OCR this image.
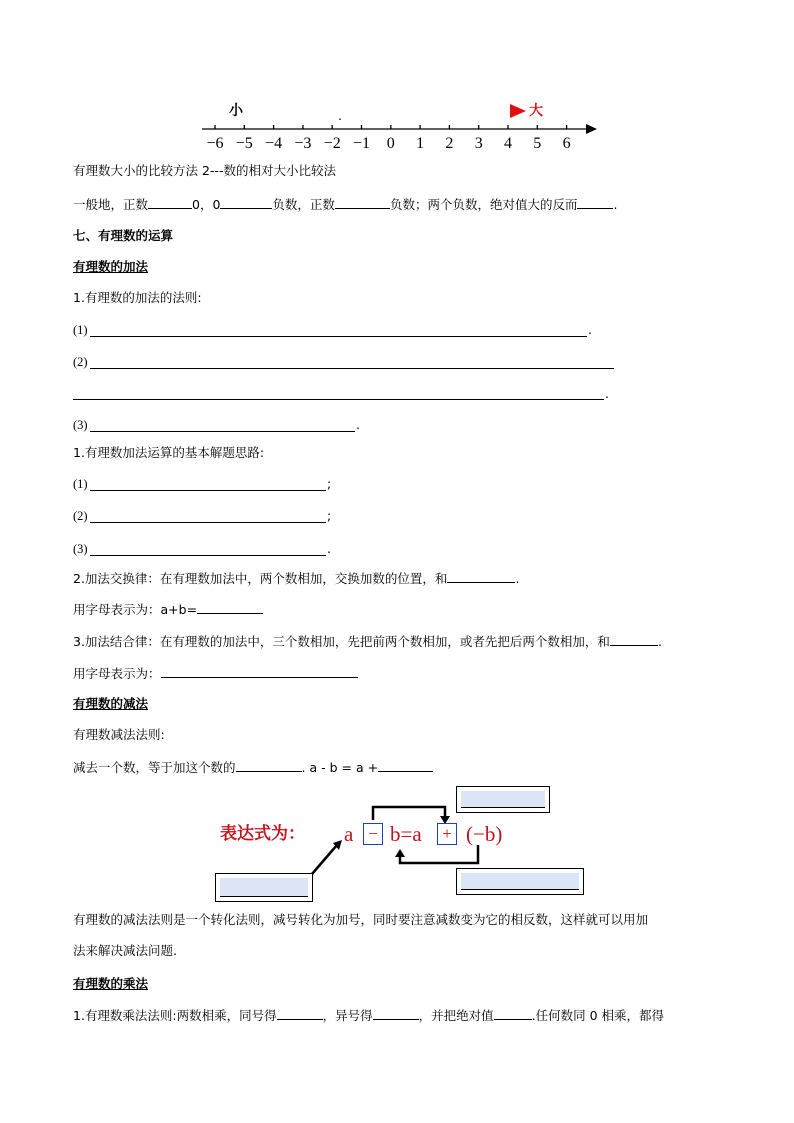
小	大
.
−6 −5 −4 −3 −2 −1	0	1	2	3	4	5	6
有理数大小的比较方法 2---数的相对大小比较法
一般地，正数	0，0	负数，正数	负数；两个负数，绝对值大的反而	.
七、有理数的运算
有理数的加法
1.有理数的加法的法则:
(1)	.
(2)
.
(3)	.
1.有理数加法运算的基本解题思路:
(1)	;
(2)	;
(3)	.
2.加法交换律：在有理数加法中，两个数相加，交换加数的位置，和	.
用字母表示为：a+b=
3.加法结合律：在有理数的加法中，三个数相加，先把前两个数相加，或者先把后两个数相加，和	.
用字母表示为：
有理数的减法
有理数减法法则:
减去一个数，等于加这个数的	. a - b = a +
表达式为： a − b=a	+ (−b)
有理数的减法法则是一个转化法则，减号转化为加号，同时要注意减数变为它的相反数，这样就可以用加
法来解决减法问题.
有理数的乘法
1.有理数乘法法则:两数相乘，同号得	，异号得	，并把绝对值	.任何数同 0 相乘，都得
